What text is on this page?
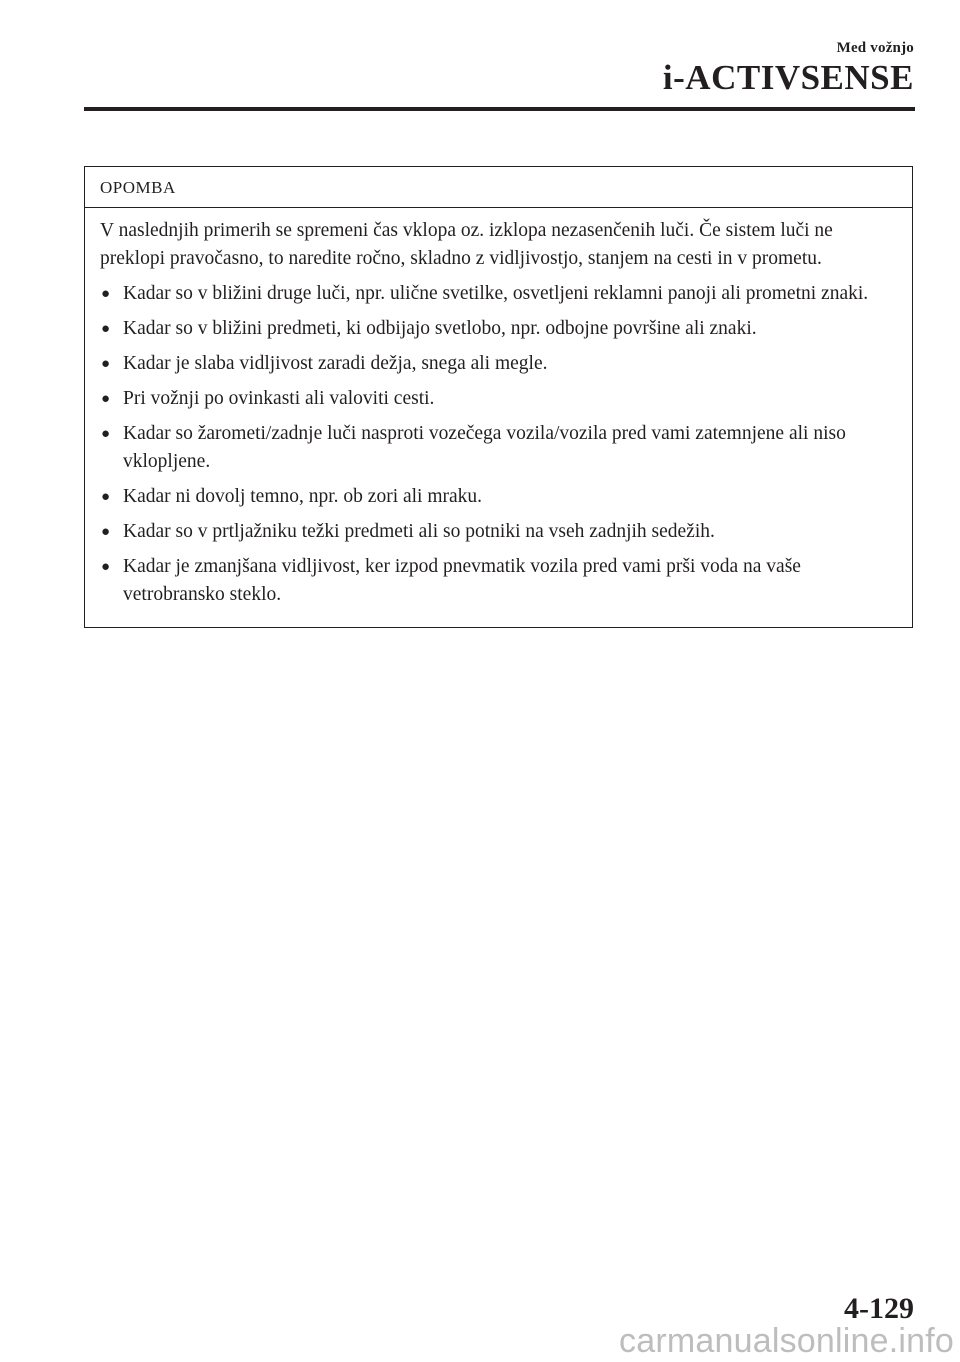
Med vožnjo
i-ACTIVSENSE
OPOMBA

V naslednjih primerih se spremeni čas vklopa oz. izklopa nezasenčenih luči. Če sistem luči ne preklopi pravočasno, to naredite ročno, skladno z vidljivostjo, stanjem na cesti in v prometu.

● Kadar so v bližini druge luči, npr. ulične svetilke, osvetljeni reklamni panoji ali prometni znaki.
● Kadar so v bližini predmeti, ki odbijajo svetlobo, npr. odbojne površine ali znaki.
● Kadar je slaba vidljivost zaradi dežja, snega ali megle.
● Pri vožnji po ovinkasti ali valoviti cesti.
● Kadar so žarometi/zadnje luči nasproti vozečega vozila/vozila pred vami zatemnjene ali niso vklopljene.
● Kadar ni dovolj temno, npr. ob zori ali mraku.
● Kadar so v prtljažniku težki predmeti ali so potniki na vseh zadnjih sedežih.
● Kadar je zmanjšana vidljivost, ker izpod pnevmatik vozila pred vami prši voda na vaše vetrobransko steklo.
4-129
carmanualsonline.info
